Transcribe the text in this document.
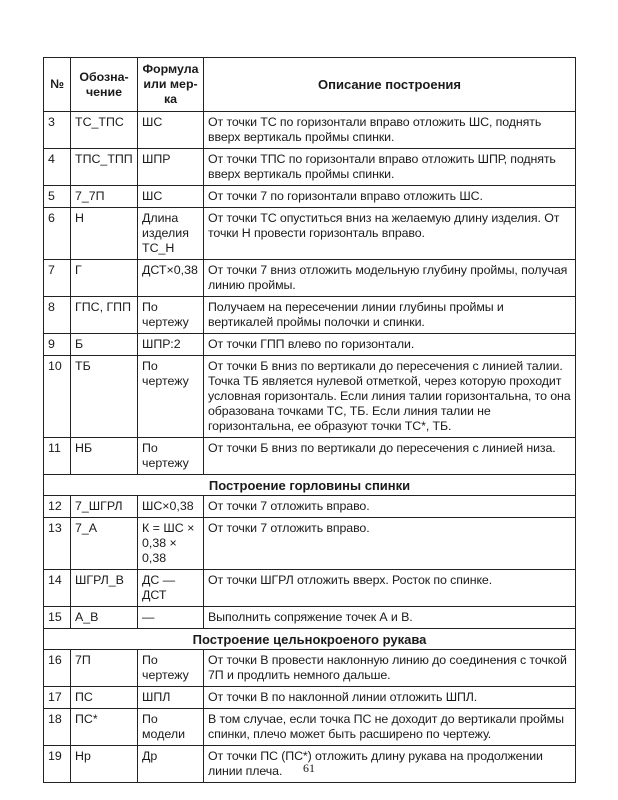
№	Обозна-чение	Формула или мер-ка	Описание построения
3	ТС_ТПС	ШС	От точки ТС по горизонтали вправо отложить ШС, поднять вверх вертикаль проймы спинки.
4	ТПС_ТПП	ШПР	От точки ТПС по горизонтали вправо отложить ШПР, поднять вверх вертикаль проймы спинки.
5	7_7П	ШС	От точки 7 по горизонтали вправо отложить ШС.
6	Н	Длина изделия ТС_Н	От точки ТС опуститься вниз на желаемую длину изделия. От точки Н провести горизонталь вправо.
7	Г	ДСТ×0,38	От точки 7 вниз отложить модельную глубину проймы, получая линию проймы.
8	ГПС, ГПП	По чертежу	Получаем на пересечении линии глубины проймы и вертикалей проймы полочки и спинки.
9	Б	ШПР:2	От точки ГПП влево по горизонтали.
10	ТБ	По чертежу	От точки Б вниз по вертикали до пересечения с линией талии. Точка ТБ является нулевой отметкой, через которую проходит условная горизонталь. Если линия талии горизонтальна, то она образована точками ТС, ТБ. Если линия талии не горизонтальна, ее образуют точки ТС*, ТБ.
11	НБ	По чертежу	От точки Б вниз по вертикали до пересечения с линией низа.
Построение горловины спинки			
12	7_ШГРЛ	ШС×0,38	От точки 7 отложить вправо.
13	7_А	К = ШС × 0,38 × 0,38	От точки 7 отложить вправо.
14	ШГРЛ_В	ДС — ДСТ	От точки ШГРЛ отложить вверх. Росток по спинке.
15	А_В	—	Выполнить сопряжение точек А и В.
Построение цельнокроеного рукава			
16	7П	По чертежу	От точки В провести наклонную линию до соединения с точкой 7П и продлить немного дальше.
17	ПС	ШПЛ	От точки В по наклонной линии отложить ШПЛ.
18	ПС*	По модели	В том случае, если точка ПС не доходит до вертикали проймы спинки, плечо может быть расширено по чертежу.
19	Нр	Др	От точки ПС (ПС*) отложить длину рукава на продолжении линии плеча.	61
